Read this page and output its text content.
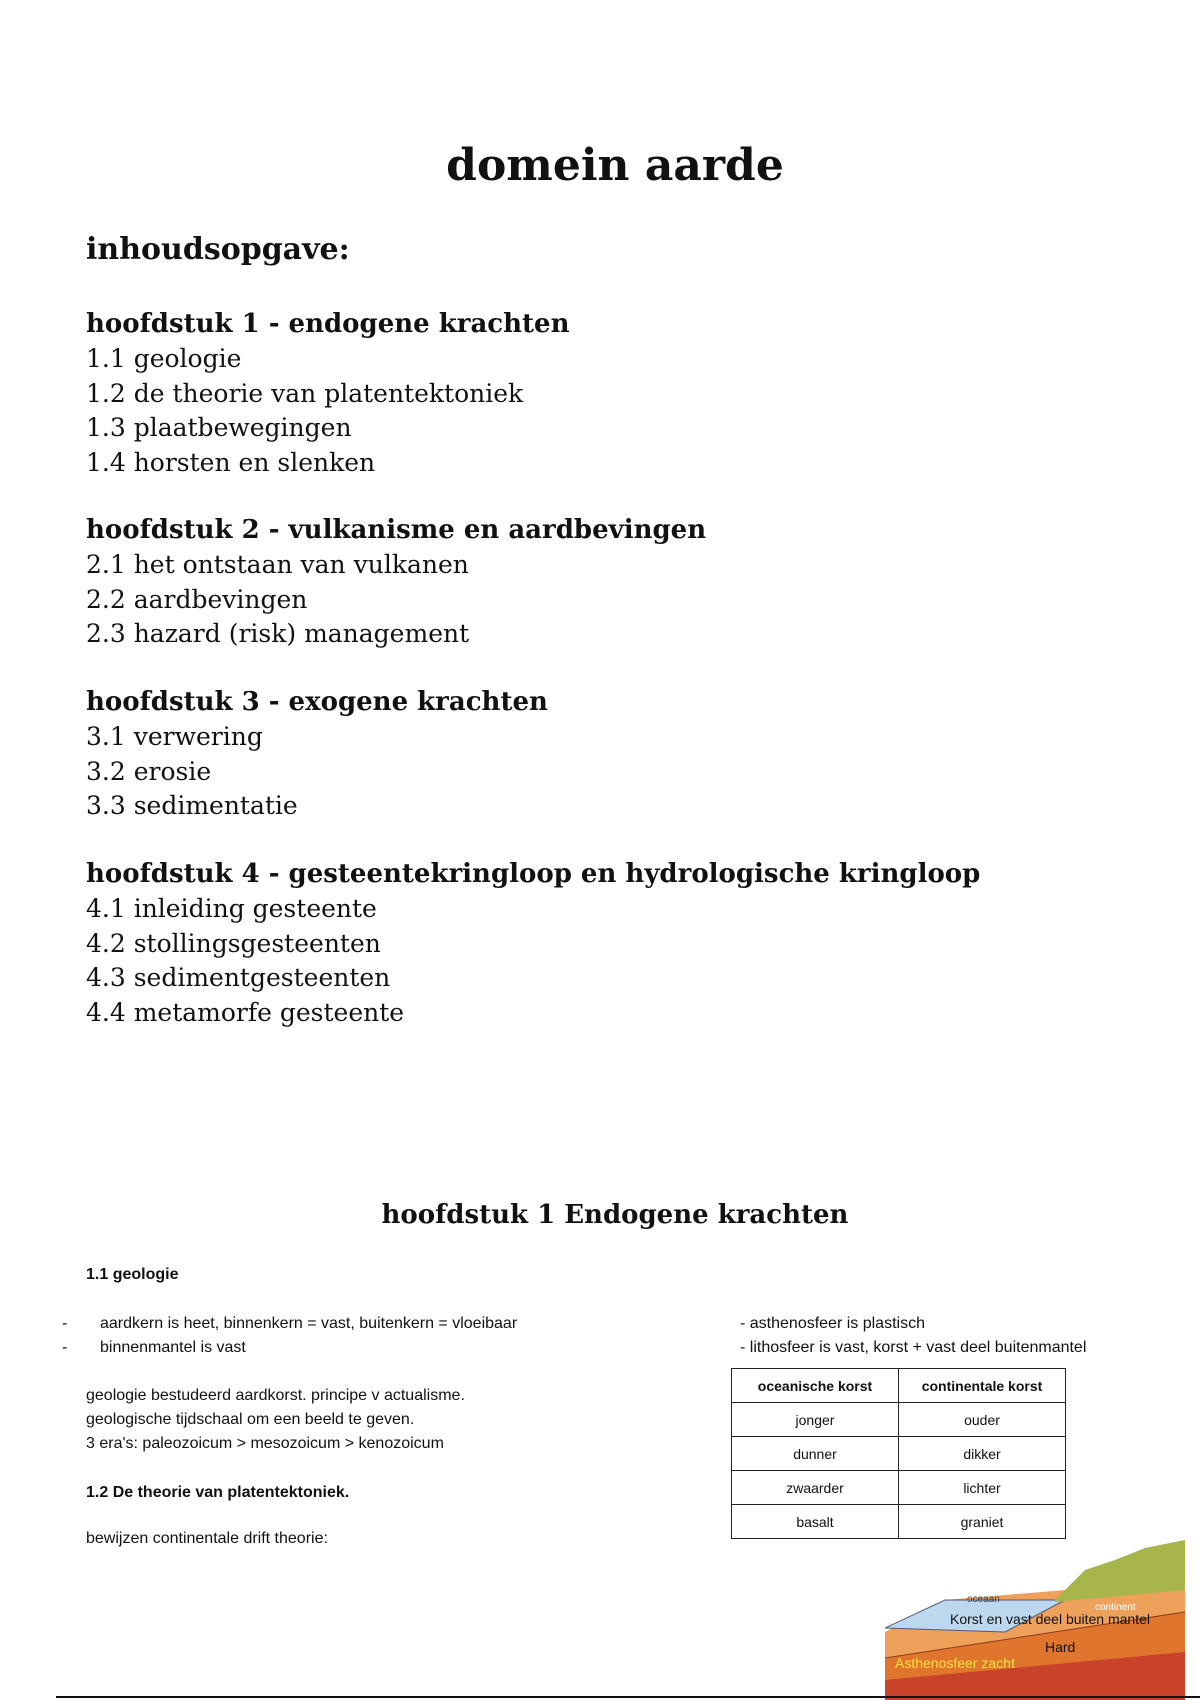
domein aarde
inhoudsopgave:
hoofdstuk 1 - endogene krachten
1.1 geologie
1.2 de theorie van platentektoniek
1.3 plaatbewegingen
1.4 horsten en slenken
hoofdstuk 2 - vulkanisme en aardbevingen
2.1 het ontstaan van vulkanen
2.2 aardbevingen
2.3 hazard (risk) management
hoofdstuk 3 - exogene krachten
3.1 verwering
3.2 erosie
3.3 sedimentatie
hoofdstuk 4 - gesteentekringloop en hydrologische kringloop
4.1 inleiding gesteente
4.2 stollingsgesteenten
4.3 sedimentgesteenten
4.4 metamorfe gesteente
hoofdstuk 1 Endogene krachten
1.1 geologie
- aardkern is heet, binnenkern = vast, buitenkern = vloeibaar
- binnenmantel is vast
geologie bestudeerd aardkorst. principe v actualisme.
geologische tijdschaal om een beeld te geven.
3 era's: paleozoicum > mesozoicum > kenozoicum
1.2 De theorie van platentektoniek.
bewijzen continentale drift theorie:
- asthenosfeer is plastisch
- lithosfeer is vast, korst + vast deel buitenmantel
oceanische korst	continentale korst
jonger	ouder
dunner	dikker
zwaarder	lichter
basalt	graniet
oceaan
continent
Korst en vast deel buiten mantel
Hard
Asthenosfeer zacht
